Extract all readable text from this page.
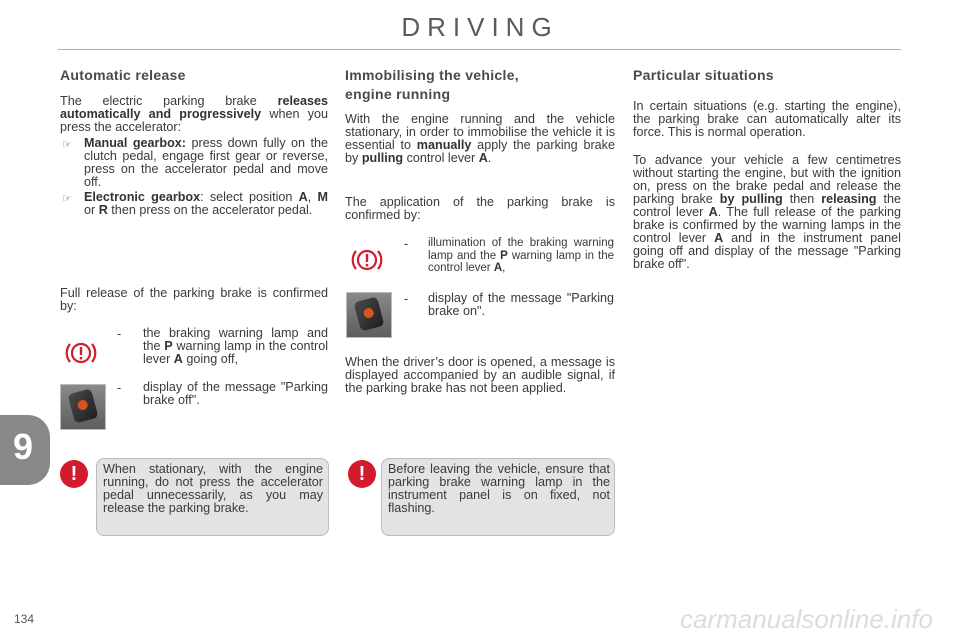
DRIVING
Automatic release
The electric parking brake releases automatically and progressively when you press the accelerator:
☞ Manual gearbox: press down fully on the clutch pedal, engage first gear or reverse, press on the accelerator pedal and move off.
☞ Electronic gearbox: select position A, M or R then press on the accelerator pedal.
Full release of the parking brake is confirmed by:
- the braking warning lamp and the P warning lamp in the control lever A going off,
- display of the message "Parking brake off".
When stationary, with the engine running, do not press the accelerator pedal unnecessarily, as you may release the parking brake.
!
Immobilising the vehicle,
engine running
With the engine running and the vehicle stationary, in order to immobilise the vehicle it is essential to manually apply the parking brake by pulling control lever A.
The application of the parking brake is confirmed by:
- illumination of the braking warning lamp and the P warning lamp in the control lever A,
- display of the message "Parking brake on".
When the driver’s door is opened, a message is displayed accompanied by an audible signal, if the parking brake has not been applied.
Before leaving the vehicle, ensure that parking brake warning lamp in the instrument panel is on fixed, not flashing.
!
Particular situations
In certain situations (e.g. starting the engine), the parking brake can automatically alter its force. This is normal operation.
To advance your vehicle a few centimetres without starting the engine, but with the ignition on, press on the brake pedal and release the parking brake by pulling then releasing the control lever A. The full release of the parking brake is confirmed by the warning lamps in the control lever A and in the instrument panel going off and display of the message "Parking brake off".
9
134	carmanualsonline.info
